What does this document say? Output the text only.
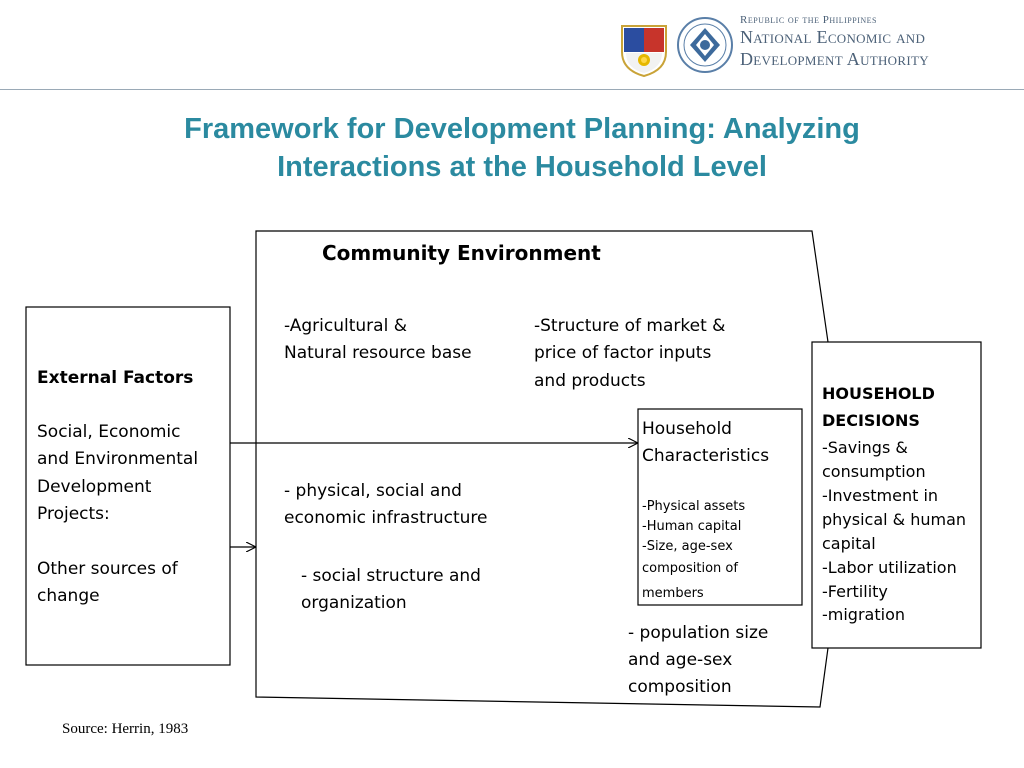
Republic of the Philippines
National Economic and
Development Authority
Framework for Development Planning: Analyzing
Interactions at the Household Level
External Factors
Social, Economic
and Environmental
Development
Projects:
Other sources of
change
Community Environment
-Agricultural &
Natural resource base
-Structure of market &
price of factor inputs
and products
- physical, social and
economic infrastructure
- social structure and
organization
- population size
and age-sex
composition
Household
Characteristics
-Physical assets
-Human capital
-Size, age-sex
composition of
members
HOUSEHOLD
DECISIONS
-Savings &
consumption
-Investment in
physical & human
capital
-Labor utilization
-Fertility
-migration
Source: Herrin, 1983
